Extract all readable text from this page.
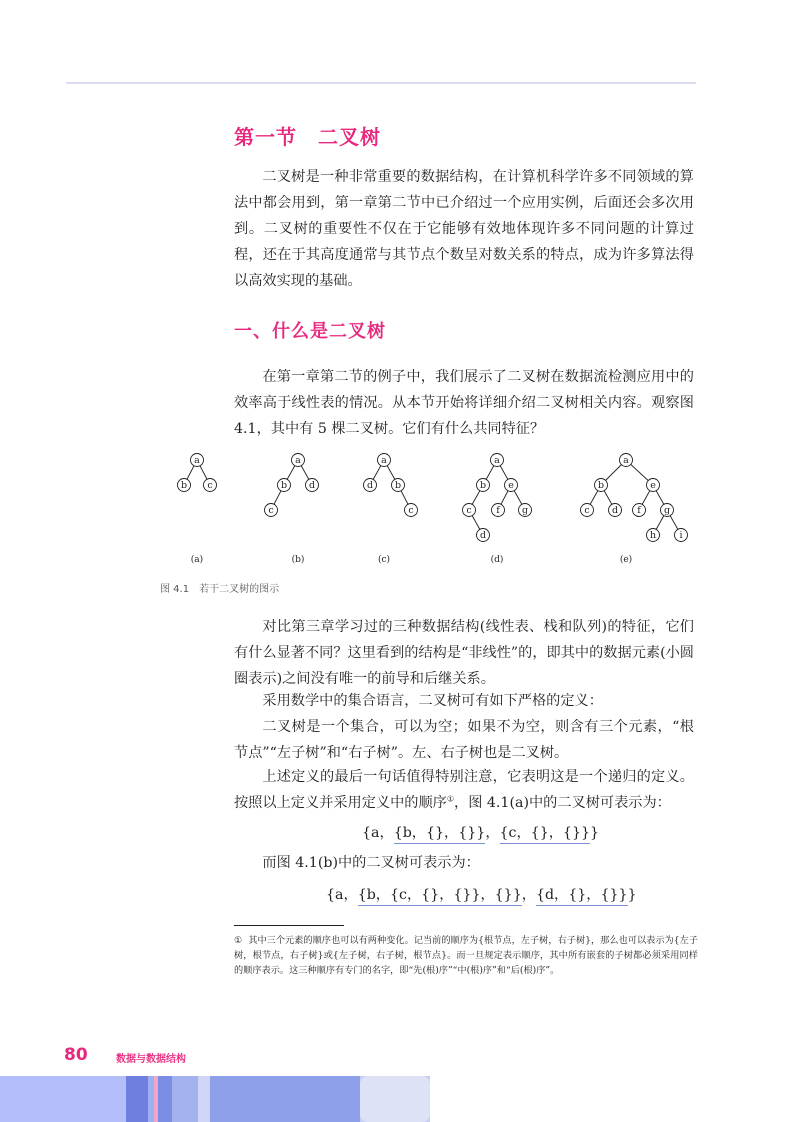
第一节　二叉树

二叉树是一种非常重要的数据结构，在计算机科学许多不同领域的算法中都会用到，第一章第二节中已介绍过一个应用实例，后面还会多次用到。二叉树的重要性不仅在于它能够有效地体现许多不同问题的计算过程，还在于其高度通常与其节点个数呈对数关系的特点，成为许多算法得以高效实现的基础。

一、什么是二叉树

在第一章第二节的例子中，我们展示了二叉树在数据流检测应用中的效率高于线性表的情况。从本节开始将详细介绍二叉树相关内容。观察图 4.1，其中有 5 棵二叉树。它们有什么共同特征？

a
b c
(a)
a
b d
c
(b)
a
d b
c
(c)
a
b e
c	f g
d
(d)
a
b	e
c d f g
h i
(e)

图 4.1 若干二叉树的图示

对比第三章学习过的三种数据结构(线性表、栈和队列)的特征，它们有什么显著不同？这里看到的结构是“非线性”的，即其中的数据元素(小圆圈表示)之间没有唯一的前导和后继关系。

采用数学中的集合语言，二叉树可有如下严格的定义：

二叉树是一个集合，可以为空；如果不为空，则含有三个元素，“根节点”“左子树”和“右子树”。左、右子树也是二叉树。

上述定义的最后一句话值得特别注意，它表明这是一个递归的定义。按照以上定义并采用定义中的顺序①，图 4.1(a)中的二叉树可表示为：

{a，{b，{}，{}}，{c，{}，{}}}

而图 4.1(b)中的二叉树可表示为：

{a，{b，{c，{}，{}}，{}}，{d，{}，{}}}

① 其中三个元素的顺序也可以有两种变化。记当前的顺序为{根节点，左子树，右子树}，那么也可以表示为{左子树，根节点，右子树}或{左子树，右子树，根节点}。而一旦规定表示顺序，其中所有嵌套的子树都必须采用同样的顺序表示。这三种顺序有专门的名字，即“先(根)序”“中(根)序”和“后(根)序”。

80	数据与数据结构
